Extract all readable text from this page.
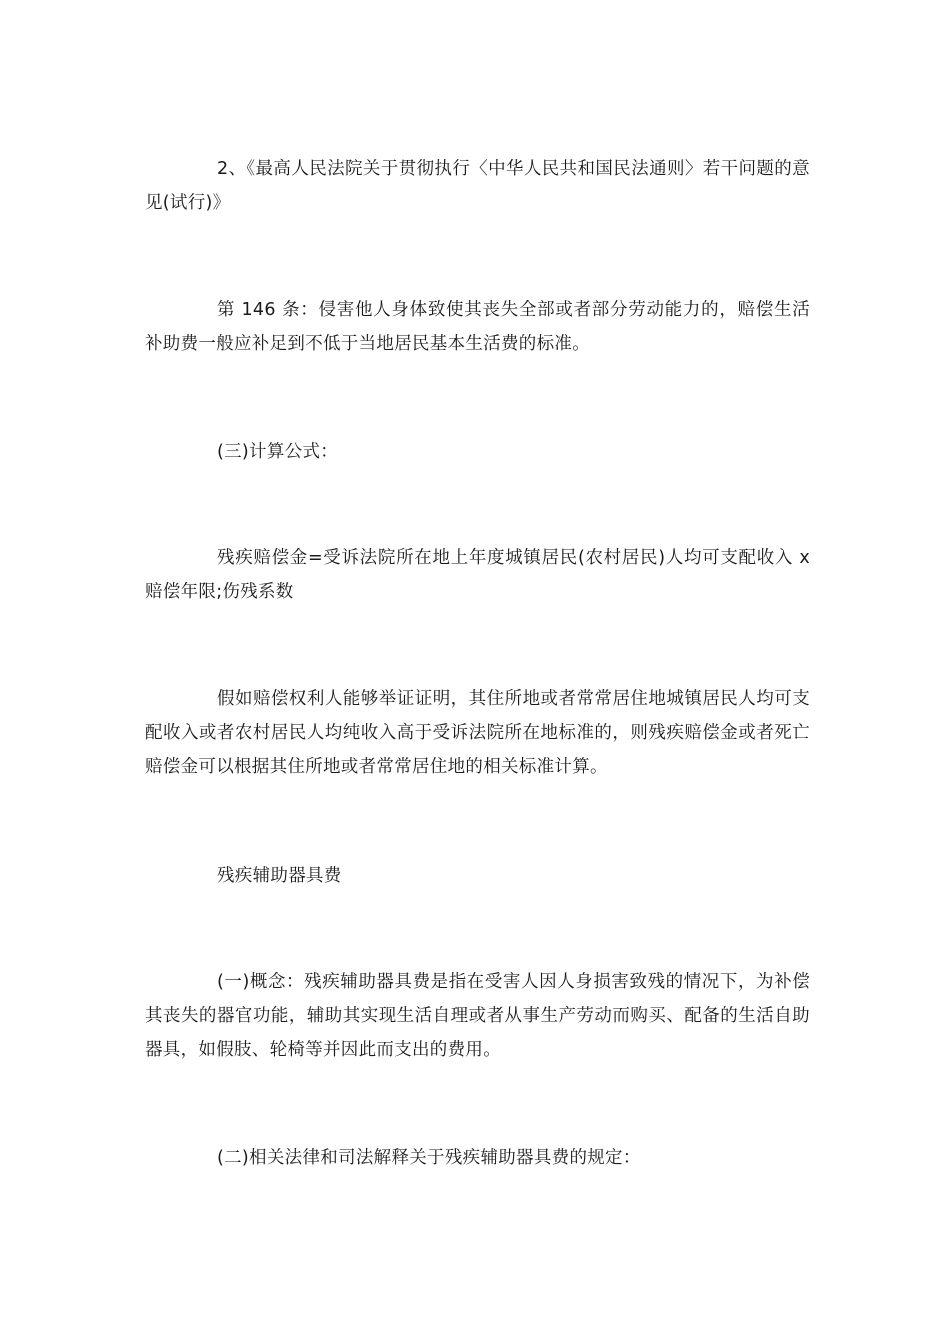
2、《最高人民法院关于贯彻执行〈中华人民共和国民法通则〉若干问题的意见(试行)》

第 146 条：侵害他人身体致使其丧失全部或者部分劳动能力的，赔偿生活补助费一般应补足到不低于当地居民基本生活费的标准。

(三)计算公式：

残疾赔偿金=受诉法院所在地上年度城镇居民(农村居民)人均可支配收入 x 赔偿年限;伤残系数

假如赔偿权利人能够举证证明，其住所地或者常常居住地城镇居民人均可支配收入或者农村居民人均纯收入高于受诉法院所在地标准的，则残疾赔偿金或者死亡赔偿金可以根据其住所地或者常常居住地的相关标准计算。

残疾辅助器具费

(一)概念：残疾辅助器具费是指在受害人因人身损害致残的情况下，为补偿其丧失的器官功能，辅助其实现生活自理或者从事生产劳动而购买、配备的生活自助器具，如假肢、轮椅等并因此而支出的费用。

(二)相关法律和司法解释关于残疾辅助器具费的规定：
